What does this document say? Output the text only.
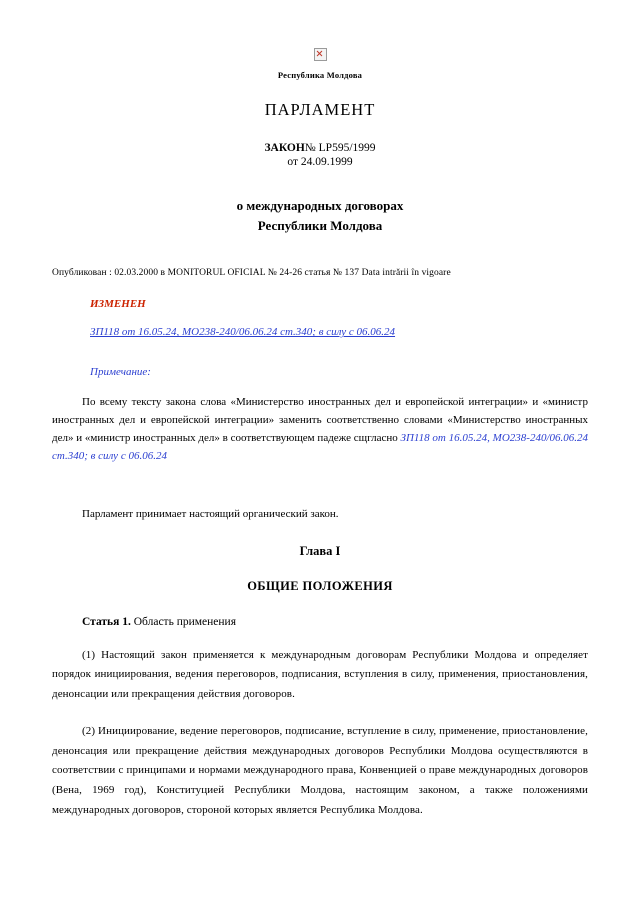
Республика Молдова
ПАРЛАМЕНТ
ЗАКОН№ LP595/1999
от 24.09.1999
о международных договорах
Республики Молдова
Опубликован : 02.03.2000 в MONITORUL OFICIAL № 24-26 статья № 137 Data intrării în vigoare
ИЗМЕНЕН
ЗП118 от 16.05.24, МО238-240/06.06.24 ст.340; в силу с 06.06.24
Примечание:
По всему тексту закона слова «Министерство иностранных дел и европейской интеграции» и «министр иностранных дел и европейской интеграции» заменить соответственно словами «Министерство иностранных дел» и «министр иностранных дел» в соответствующем падеже сщгласно ЗП118 от 16.05.24, МО238-240/06.06.24 ст.340; в силу с 06.06.24
Парламент принимает настоящий органический закон.
Глава I
ОБЩИЕ ПОЛОЖЕНИЯ
Статья 1. Область применения
(1) Настоящий закон применяется к международным договорам Республики Молдова и определяет порядок инициирования, ведения переговоров, подписания, вступления в силу, применения, приостановления, денонсации или прекращения действия договоров.
(2) Инициирование, ведение переговоров, подписание, вступление в силу, применение, приостановление, денонсация или прекращение действия международных договоров Республики Молдова осуществляются в соответствии с принципами и нормами международного права, Конвенцией о праве международных договоров (Вена, 1969 год), Конституцией Республики Молдова, настоящим законом, а также положениями международных договоров, стороной которых является Республика Молдова.
